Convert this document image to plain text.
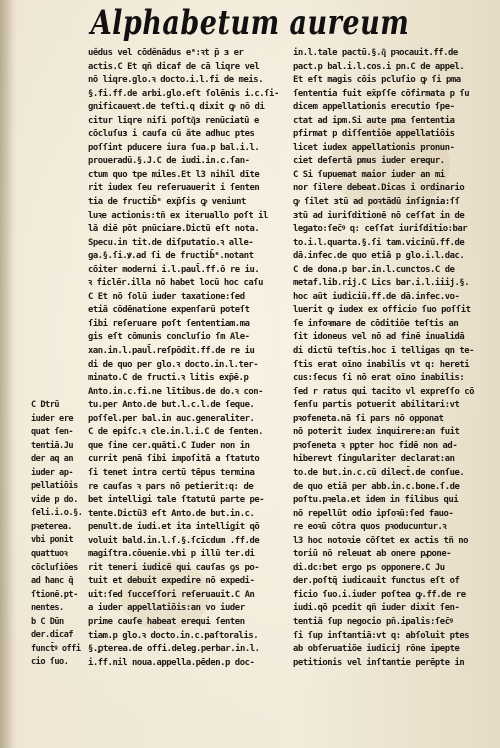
Alphabetum aureum
C Dtrū
iuder ere
quat ſen-
tentiā.Ju
der aq an
iuder ap-
pellatiōis
vide p do.
ſeli.i.o.§.
pꝛeterea.
vbi ponit
quattuoꝛ
cōcluſiōes
ad ħanc q̄
ſtionē.pt-
nentes.
b C Dūn
der.dicaf
funct̄ꝰ offi
cio ſuo.
uĕdus vel cōdĕnādus eᵉ:ꝛt p̄ ɜ er
actis.C Et qñ dicaf de cā liqre vel
nō liqre.glo.ꝛ docto.i.l.fi de meis.
§.fi.ff.de arbi.glo.eſt ſolēnis i.c.ſi-
gnificaueꝛt.de teſti.q dixit ꝙ nō di
citur liqre niſi poſtq͂ɜ renūciatū e
cōcluſuɜ i cauſa cū ăte adhuc ptes
poſſint pducere iura ſua.p bal.i.l.
proueradū.§.J.C de iudi.in.c.ſan-
ctum quo tpe miles.Et l3 nihil dīte
rit iudex ſeu reſeruauerit i ſenten
tia de fructib̄ᵉ exp̄ſis ꝙ veniunt
luꝛe actionis:tñ ex iteruallo poſt il
lā diē pōt pnūciare.Dictū eſt nota.
Specu.in tit.de diſputatio.ꝛ alle-
ga.§.ſi.ꝟ.ad ſi de fructib̄ᵉ.notant
cōiter moderni i.l.paul̄.ff.ō re iu.
ꝛ ficlēr.illa nō habet locū hoc caſu
C Et nō ſolū iuder taxatione:ſed
etiā cōdēnatione expenſarū poteſt
ſibi reſeruare poſt ſententiam.ma
gis eſt cōmunis concluſio ſm Ale-
xan.in.l.paul̄.reſpōdit.ff.de re iu
di de quo per glo.ꝛ docto.in.l.ter-
minato.C de fructi.ꝛ litis exp̄ē.p
Anto.in.c.fi.ne lītibus.de do.ꝛ con-
tu.per Anto.de but.l.c.l.de ſeque.
poſſel.per bal.in auc.generaliter.
C de epiſc.ꝛ cle.in.l.i.C de ſenten.
que ſine cer.quāti.C Iuder non in
currit penā ſibi impoſitā a ſtatuto
ſi tenet intra certū tēpus termina
re cauſas ꝛ pars nō petierit:q: de
bet intelligi tale ſtatutū parte pe-
tente.Dictū3 eſt Anto.de but.in.c.
penult.de iudi.et ita intelligit qō
voluit bald.in.l.ſ.§.ſcīcdum .ff.de
magiſtra.cōuenie.vbi p illū ter.di
rit teneri iudicē qui cauſas ꝯs po-
tuit et debuit expedire nō expedi-
uit:ſed ſucceſſori reſeruauit.C An
a iuder appellatiōis:an vo iuder
prime cauſe habeat erequi ſenten
tiam.p glo.ꝛ docto.in.c.paſtoralis.
§.ꝑterea.de offi.deleg.perbar.in.l.
i.ff.nil noua.appella.pēden.p doc-
in.l.tale pactū.§.q͂ pꝛocauit.ff.de
pact.p bal.i.l.cos.i pn.C de appel.
Et eſt magis cōis pcluſio ꝙ ſi pma
ſententia fuit ex̄pſſe cōfirmata p ſu
dicem appellationis erecutio ſpe-
ctat ad ipm.Si aute pma ſententia
pfirmat p diſſentiōe appellatiōis
licet iudex appellationis pronun-
ciet deſertā pmus iuder erequr.
C Si ſupuemat maior iuder an mi
nor ſilere debeat.Dicas i ordinario
ꝙ ſilet ɜtū ad poꝛtādū inſignia:ſſ
ɜtū ad iuriſditionē nō ceſſat in de
legato:ſec̄ꝰ q: ceſſat iuriſditio:bar
to.i.l.quarta.§.ſi tam.vicinū.ff.de
dā.infec.de quo etiā p glo.i.l.dac.
C de dona.p bar.in.l.cunctos.C de
metaf.lib.rij.C Lics bar.i.l.iiij.§.
hoc aūt iudiciū.ff.de dā.infec.vo-
luerit ꝙ iudex ex officio ſuo poſſit
ſe infoꝛmare de cōditiōe teſtis an
ſit idoneus vel nō ad finē inualidā
di dictū teſtis.hoc ī telligas qn te-
ſtis erat oīno inabilis vt q: hereti
cus:ſecus ſi nō erat oīno inabilis:
ſed r ratus qui tacito vl expreſſo cō
ſenſu partis potuerit abilitari:vt
pꝛofeneta.nā ſi pars nō opponat
nō poterit iudex inquirere:an fuit
pꝛoſeneta ꝛ pꝑter hoc fidē non ad-
hiberevt ſingulariter declarat:an
to.de but.in.c.cū dilect̄.de conſue.
de quo etiā per abb.in.c.bone.ſ.de
poſtu.pꝛela.et idem in filibus qui
nō repellūt odio ipſoꝛū:ſed fauo-
re eoꝛū cōtra quos pꝛoducuntur.ꝛ
l3 hoc notoꝛie cōſtet ex actis tñ no
toriū nō releuat ab onere pꝓone-
di.dc:bet ergo ps opponere.C Ju
der.poſtq̄ iudicauit functus eſt of
ficio ſuo.i.iuder poſtea ꝙ.ff.de re
iudi.qō pcedit qñ iuder dixit ſen-
tentiā ſup negocio pn̄.ipalis:ſec̄ꝰ
ſi ſup inſtantiā:vt q: abſoluit ptes
ab obſeruatiōe iudicij rōne ipepte
petitionis vel inſtantie perēpte in
